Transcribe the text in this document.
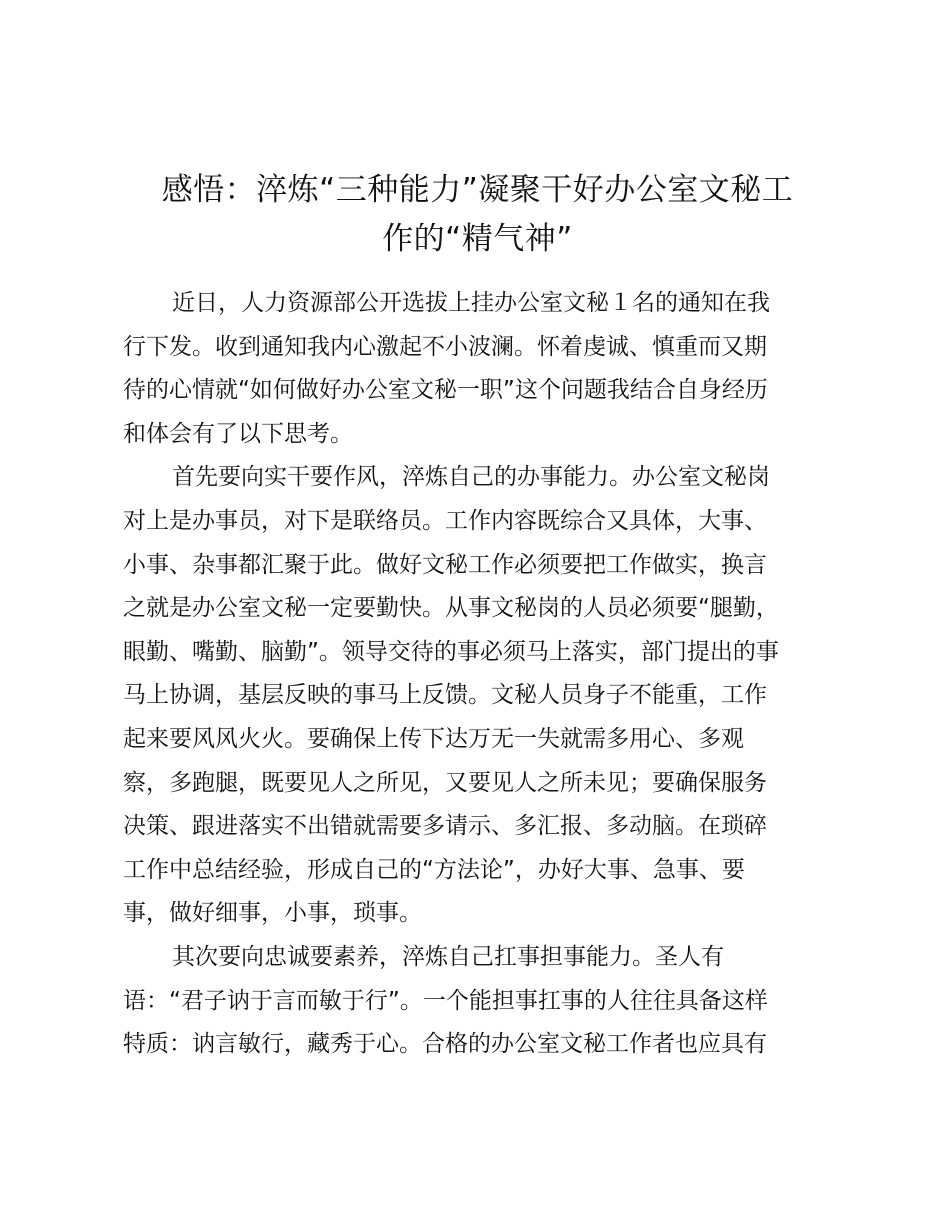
感悟：淬炼“三种能力”凝聚干好办公室文秘工
作的“精气神”
近日，人力资源部公开选拔上挂办公室文秘１名的通知在我
行下发。收到通知我内心激起不小波澜。怀着虔诚、慎重而又期
待的心情就“如何做好办公室文秘一职”这个问题我结合自身经历
和体会有了以下思考。
首先要向实干要作风，淬炼自己的办事能力。办公室文秘岗
对上是办事员，对下是联络员。工作内容既综合又具体，大事、
小事、杂事都汇聚于此。做好文秘工作必须要把工作做实，换言
之就是办公室文秘一定要勤快。从事文秘岗的人员必须要“腿勤，
眼勤、嘴勤、脑勤”。领导交待的事必须马上落实，部门提出的事
马上协调，基层反映的事马上反馈。文秘人员身子不能重，工作
起来要风风火火。要确保上传下达万无一失就需多用心、多观
察，多跑腿，既要见人之所见，又要见人之所未见；要确保服务
决策、跟进落实不出错就需要多请示、多汇报、多动脑。在琐碎
工作中总结经验，形成自己的“方法论”，办好大事、急事、要
事，做好细事，小事，琐事。
其次要向忠诚要素养，淬炼自己扛事担事能力。圣人有
语：“君子讷于言而敏于行”。一个能担事扛事的人往往具备这样
特质：讷言敏行，藏秀于心。合格的办公室文秘工作者也应具有
